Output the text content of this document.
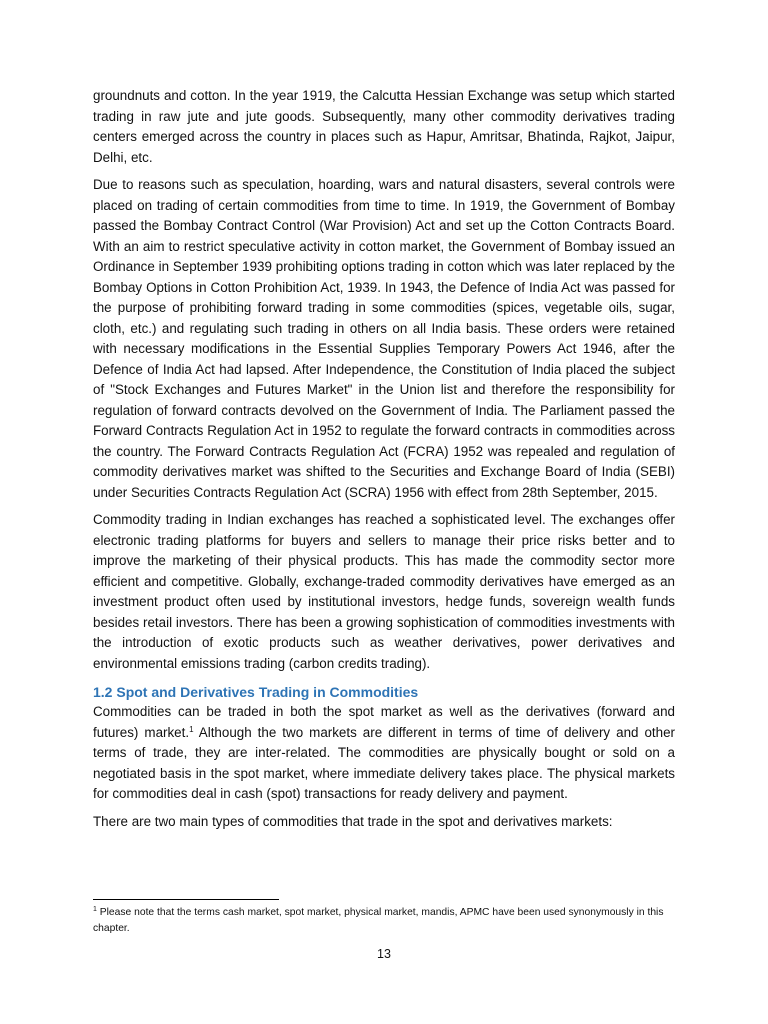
groundnuts and cotton. In the year 1919, the Calcutta Hessian Exchange was setup which started trading in raw jute and jute goods. Subsequently, many other commodity derivatives trading centers emerged across the country in places such as Hapur, Amritsar, Bhatinda, Rajkot, Jaipur, Delhi, etc.

Due to reasons such as speculation, hoarding, wars and natural disasters, several controls were placed on trading of certain commodities from time to time. In 1919, the Government of Bombay passed the Bombay Contract Control (War Provision) Act and set up the Cotton Contracts Board. With an aim to restrict speculative activity in cotton market, the Government of Bombay issued an Ordinance in September 1939 prohibiting options trading in cotton which was later replaced by the Bombay Options in Cotton Prohibition Act, 1939. In 1943, the Defence of India Act was passed for the purpose of prohibiting forward trading in some commodities (spices, vegetable oils, sugar, cloth, etc.) and regulating such trading in others on all India basis. These orders were retained with necessary modifications in the Essential Supplies Temporary Powers Act 1946, after the Defence of India Act had lapsed. After Independence, the Constitution of India placed the subject of "Stock Exchanges and Futures Market" in the Union list and therefore the responsibility for regulation of forward contracts devolved on the Government of India. The Parliament passed the Forward Contracts Regulation Act in 1952 to regulate the forward contracts in commodities across the country. The Forward Contracts Regulation Act (FCRA) 1952 was repealed and regulation of commodity derivatives market was shifted to the Securities and Exchange Board of India (SEBI) under Securities Contracts Regulation Act (SCRA) 1956 with effect from 28th September, 2015.

Commodity trading in Indian exchanges has reached a sophisticated level. The exchanges offer electronic trading platforms for buyers and sellers to manage their price risks better and to improve the marketing of their physical products. This has made the commodity sector more efficient and competitive. Globally, exchange-traded commodity derivatives have emerged as an investment product often used by institutional investors, hedge funds, sovereign wealth funds besides retail investors. There has been a growing sophistication of commodities investments with the introduction of exotic products such as weather derivatives, power derivatives and environmental emissions trading (carbon credits trading).

1.2 Spot and Derivatives Trading in Commodities

Commodities can be traded in both the spot market as well as the derivatives (forward and futures) market.$^1$ Although the two markets are different in terms of time of delivery and other terms of trade, they are inter-related. The commodities are physically bought or sold on a negotiated basis in the spot market, where immediate delivery takes place. The physical markets for commodities deal in cash (spot) transactions for ready delivery and payment.

There are two main types of commodities that trade in the spot and derivatives markets:

$^1$ Please note that the terms cash market, spot market, physical market, mandis, APMC have been used synonymously in this chapter.
13
